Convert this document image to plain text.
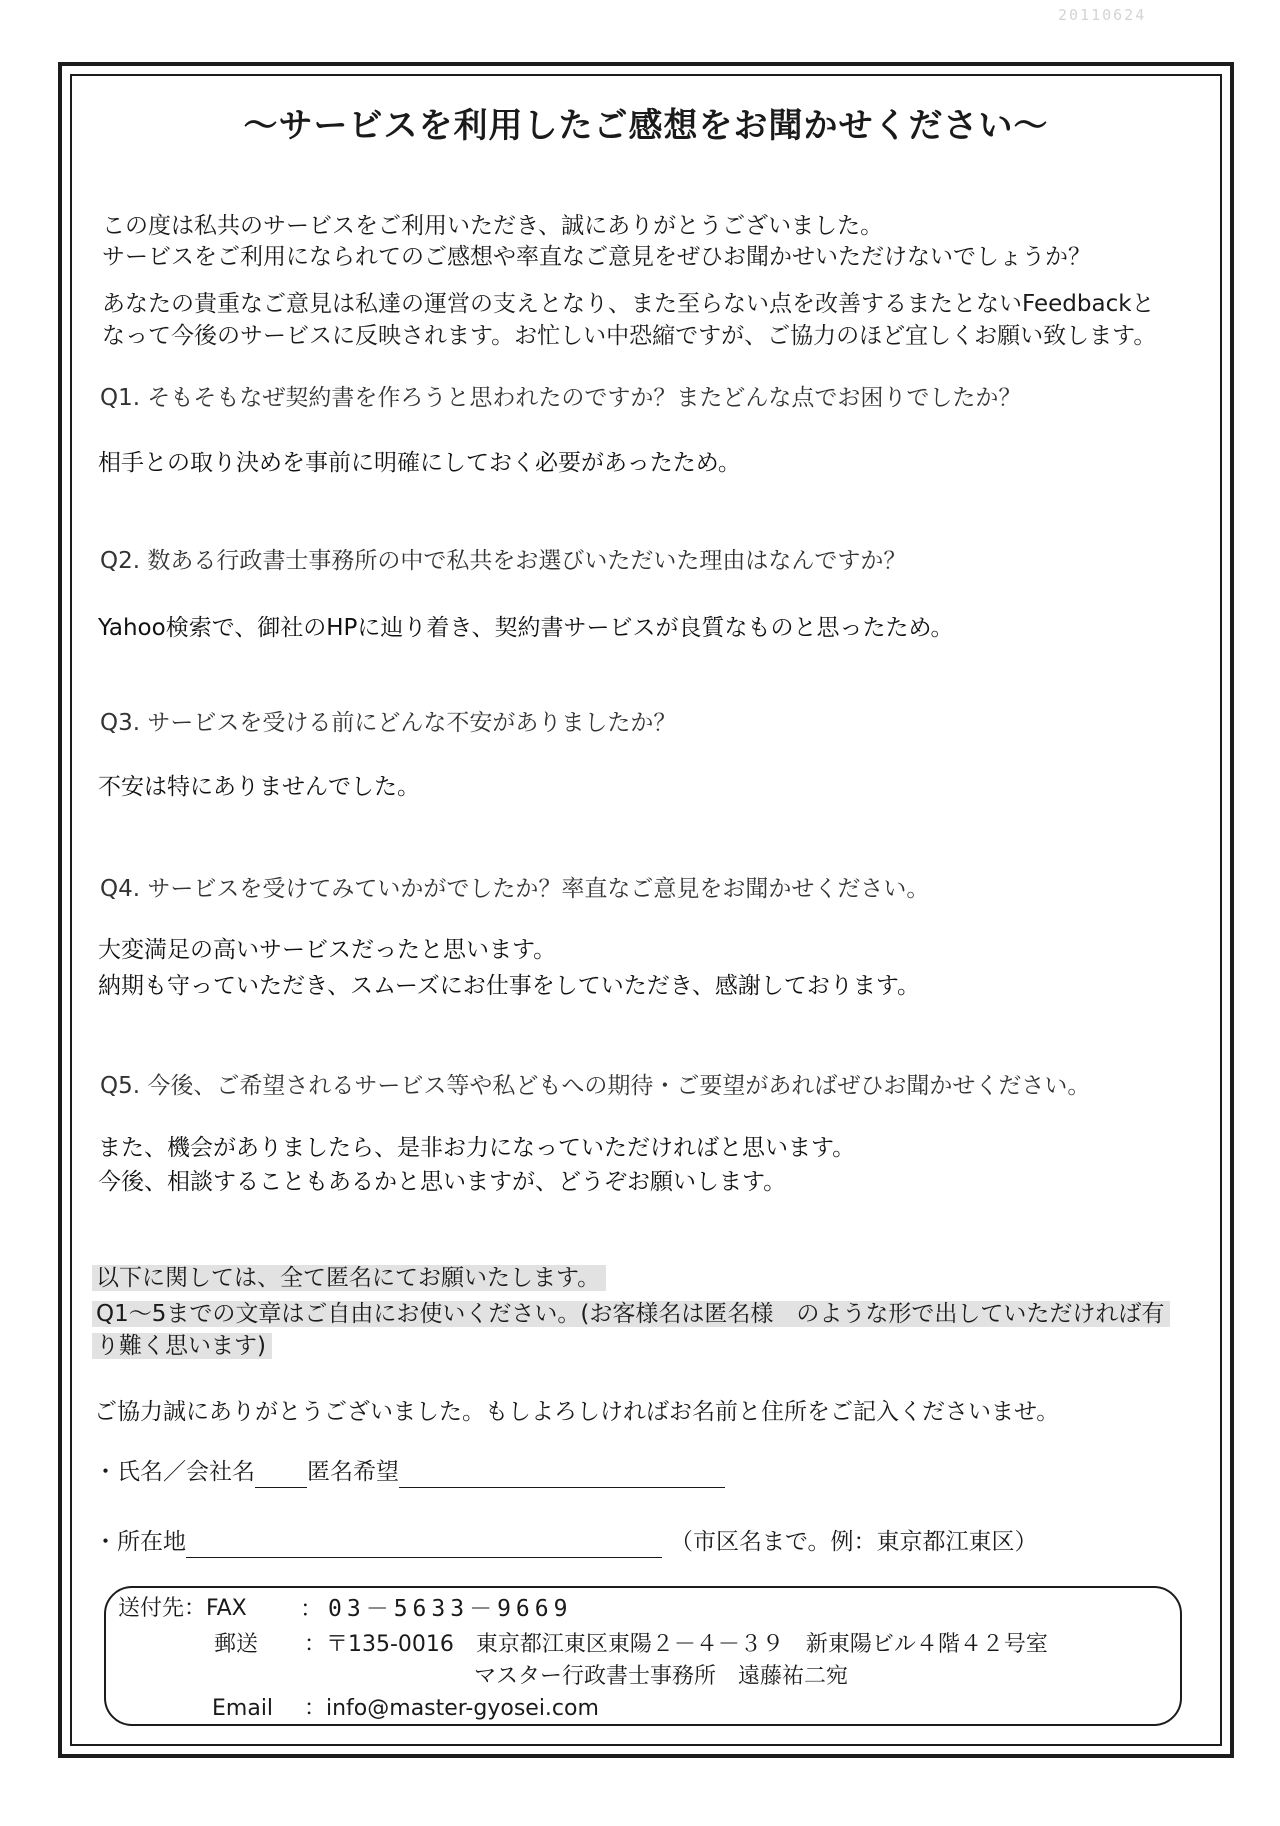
20110624
～サービスを利用したご感想をお聞かせください～
この度は私共のサービスをご利用いただき、誠にありがとうございました。
サービスをご利用になられてのご感想や率直なご意見をぜひお聞かせいただけないでしょうか？
あなたの貴重なご意見は私達の運営の支えとなり、また至らない点を改善するまたとないFeedbackと
なって今後のサービスに反映されます。お忙しい中恐縮ですが、ご協力のほど宜しくお願い致します。
Q1. そもそもなぜ契約書を作ろうと思われたのですか？またどんな点でお困りでしたか？
相手との取り決めを事前に明確にしておく必要があったため。
Q2. 数ある行政書士事務所の中で私共をお選びいただいた理由はなんですか？
Yahoo検索で、御社のHPに辿り着き、契約書サービスが良質なものと思ったため。
Q3. サービスを受ける前にどんな不安がありましたか？
不安は特にありませんでした。
Q4. サービスを受けてみていかがでしたか？率直なご意見をお聞かせください。
大変満足の高いサービスだったと思います。
納期も守っていただき、スムーズにお仕事をしていただき、感謝しております。
Q5. 今後、ご希望されるサービス等や私どもへの期待・ご要望があればぜひお聞かせください。
また、機会がありましたら、是非お力になっていただければと思います。
今後、相談することもあるかと思いますが、どうぞお願いします。
以下に関しては、全て匿名にてお願いたします。
Q1～5までの文章はご自由にお使いください。(お客様名は匿名様　のような形で出していただければ有
り難く思います)
ご協力誠にありがとうございました。もしよろしければお名前と住所をご記入くださいませ。
・氏名／会社名 匿名希望
・所在地	（市区名まで。例：東京都江東区）
送付先：FAX ：03－5633－9669
郵送 ：〒135-0016　東京都江東区東陽２－４－３９　新東陽ビル４階４２号室
マスター行政書士事務所　遠藤祐二宛
Email ：info@master-gyosei.com
